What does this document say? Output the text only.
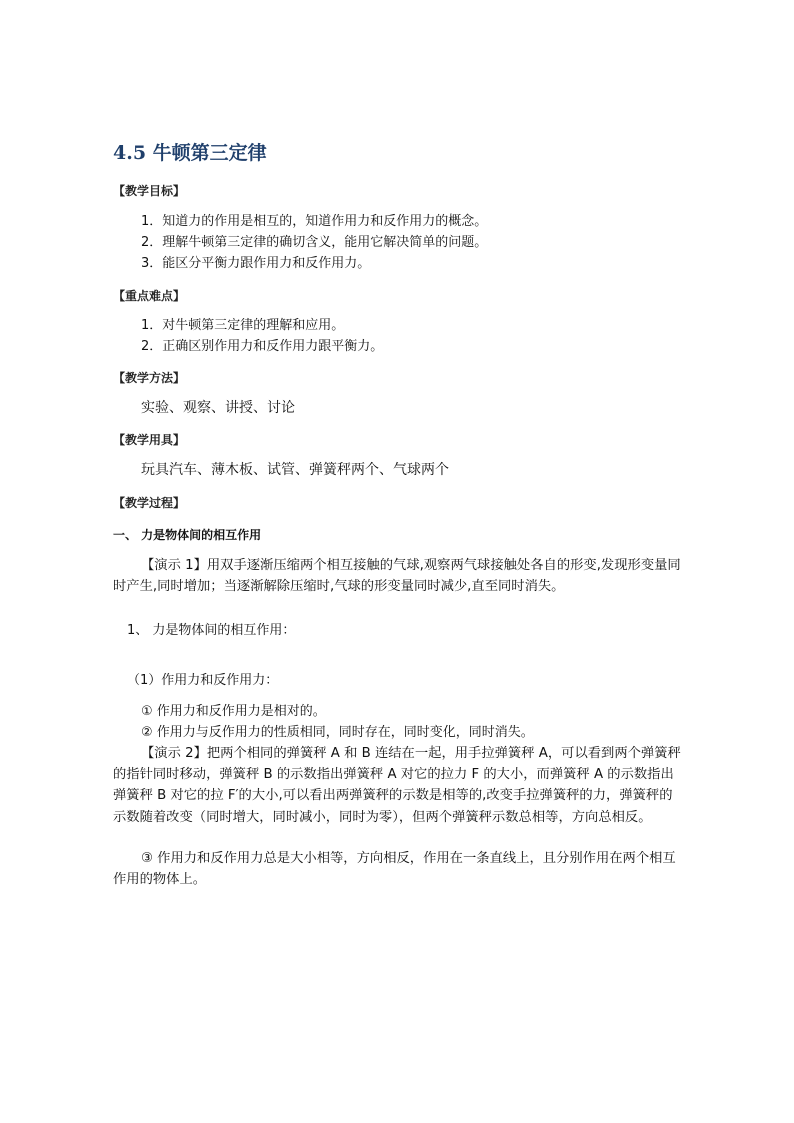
4.5 牛顿第三定律
【教学目标】
1．知道力的作用是相互的，知道作用力和反作用力的概念。
2．理解牛顿第三定律的确切含义，能用它解决简单的问题。
3．能区分平衡力跟作用力和反作用力。
【重点难点】
1．对牛顿第三定律的理解和应用。
2．正确区别作用力和反作用力跟平衡力。
【教学方法】
实验、观察、讲授、讨论
【教学用具】
玩具汽车、薄木板、试管、弹簧秤两个、气球两个
【教学过程】
一、 力是物体间的相互作用
【演示 1】用双手逐渐压缩两个相互接触的气球,观察两气球接触处各自的形变,发现形变量同时产生,同时增加；当逐渐解除压缩时,气球的形变量同时减少,直至同时消失。
1、 力是物体间的相互作用：
（1）作用力和反作用力：
① 作用力和反作用力是相对的。
② 作用力与反作用力的性质相同，同时存在，同时变化，同时消失。
【演示 2】把两个相同的弹簧秤 A 和 B 连结在一起，用手拉弹簧秤 A，可以看到两个弹簧秤的指针同时移动，弹簧秤 B 的示数指出弹簧秤 A 对它的拉力 F 的大小，而弹簧秤 A 的示数指出弹簧秤 B 对它的拉 F′的大小,可以看出两弹簧秤的示数是相等的,改变手拉弹簧秤的力，弹簧秤的示数随着改变（同时增大，同时减小，同时为零），但两个弹簧秤示数总相等，方向总相反。
③ 作用力和反作用力总是大小相等，方向相反，作用在一条直线上，且分别作用在两个相互作用的物体上。
